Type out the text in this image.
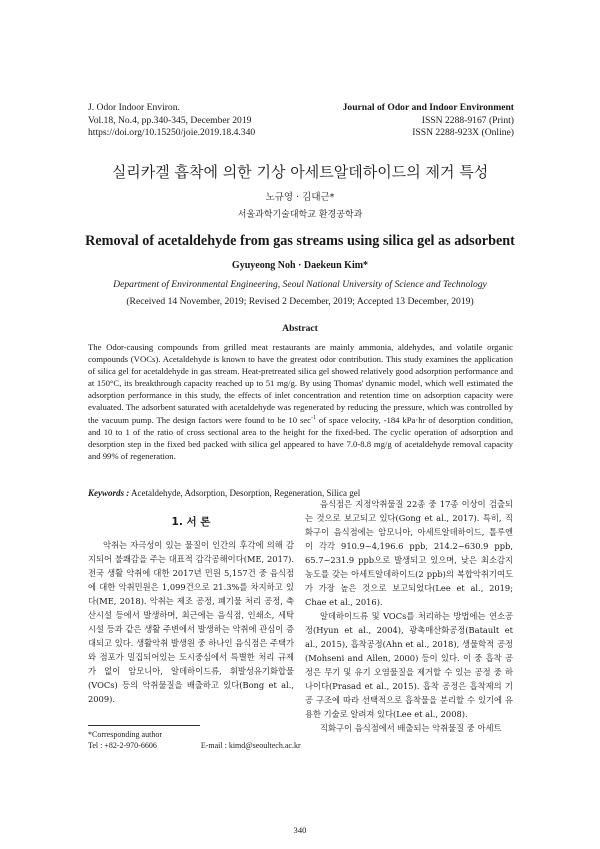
J. Odor Indoor Environ.
Vol.18, No.4, pp.340-345, December 2019
https://doi.org/10.15250/joie.2019.18.4.340
Journal of Odor and Indoor Environment
ISSN 2288-9167 (Print)
ISSN 2288-923X (Online)
실리카겔 흡착에 의한 기상 아세트알데하이드의 제거 특성
노규영 · 김대근*
서울과학기술대학교 환경공학과
Removal of acetaldehyde from gas streams using silica gel as adsorbent
Gyuyeong Noh · Daekeun Kim*
Department of Environmental Engineering, Seoul National University of Science and Technology
(Received 14 November, 2019; Revised 2 December, 2019; Accepted 13 December, 2019)
Abstract

The Odor-causing compounds from grilled meat restaurants are mainly ammonia, aldehydes, and volatile organic compounds (VOCs). Acetaldehyde is known to have the greatest odor contribution. This study examines the application of silica gel for acetaldehyde in gas stream. Heat-pretreated silica gel showed relatively good adsorption performance and at 150°C, its breakthrough capacity reached up to 51 mg/g. By using Thomas' dynamic model, which well estimated the adsorption performance in this study, the effects of inlet concentration and retention time on adsorption capacity were evaluated. The adsorbent saturated with acetaldehyde was regenerated by reducing the pressure, which was controlled by the vacuum pump. The design factors were found to be 10 $\sec^{-1}$ of space velocity, -184 kPa·hr of desorption condition, and 10 to 1 of the ratio of cross sectional area to the height for the fixed-bed. The cyclic operation of adsorption and desorption step in the fixed bed packed with silica gel appeared to have 7.0-8.8 mg/g of acetaldehyde removal capacity and 99% of regeneration.

Keywords : Acetaldehyde, Adsorption, Desorption, Regeneration, Silica gel
1. 서 론

악취는 자극성이 있는 물질이 인간의 후각에 의해 감지되어 불쾌감을 주는 대표적 감각공해이다(ME, 2017). 전국 생활 악취에 대한 2017년 민원 5,157건 중 음식점에 대한 악취민원은 1,099건으로 21.3%를 차지하고 있다(ME, 2018). 악취는 제조 공정, 폐기물 처리 공정, 축산시설 등에서 발생하며, 최근에는 음식점, 인쇄소, 세탁 시설 등과 같은 생활 주변에서 발생하는 악취에 관심이 증대되고 있다. 생활악취 발생원 중 하나인 음식점은 주택가와 점포가 밀집되어있는 도시중심에서 특별한 처리 규제가 없이 암모니아, 알데하이드류, 휘발성유기화합물(VOCs) 등의 악취물질을 배출하고 있다(Bong et al., 2009).

음식점은 지정악취물질 22종 중 17종 이상이 검출되는 것으로 보고되고 있다(Gong et al., 2017). 특히, 직화구이 음식점에는 암모니아, 아세트알데하이드, 톨루엔이 각각 910.9~4,196.6 ppb, 214.2~630.9 ppb, 65.7~231.9 ppb으로 발생되고 있으며, 낮은 최소감지농도를 갖는 아세트알데하이드(2 ppb)의 복합악취기여도가 가장 높은 것으로 보고되었다(Lee et al., 2019; Chae et al., 2016).

알데하이드류 및 VOCs를 처리하는 방법에는 연소공정(Hyun et al., 2004), 광촉매산화공정(Batault et al., 2015), 흡착공정(Ahn et al., 2018), 생물학적 공정(Mohseni and Allen, 2000) 등이 있다. 이 중 흡착 공정은 무기 및 유기 오염물질을 제거할 수 있는 공정 중 하나이다(Prasad et al., 2015). 흡착 공정은 흡착제의 기공 구조에 따라 선택적으로 흡착물을 분리할 수 있기에 유용한 기술로 알려져 있다(Lee et al., 2008).

직화구이 음식점에서 배출되는 악취물질 중 아세트

*Corresponding author
Tel : +82-2-970-6606	E-mail : kimd@seoultech.ac.kr
340
